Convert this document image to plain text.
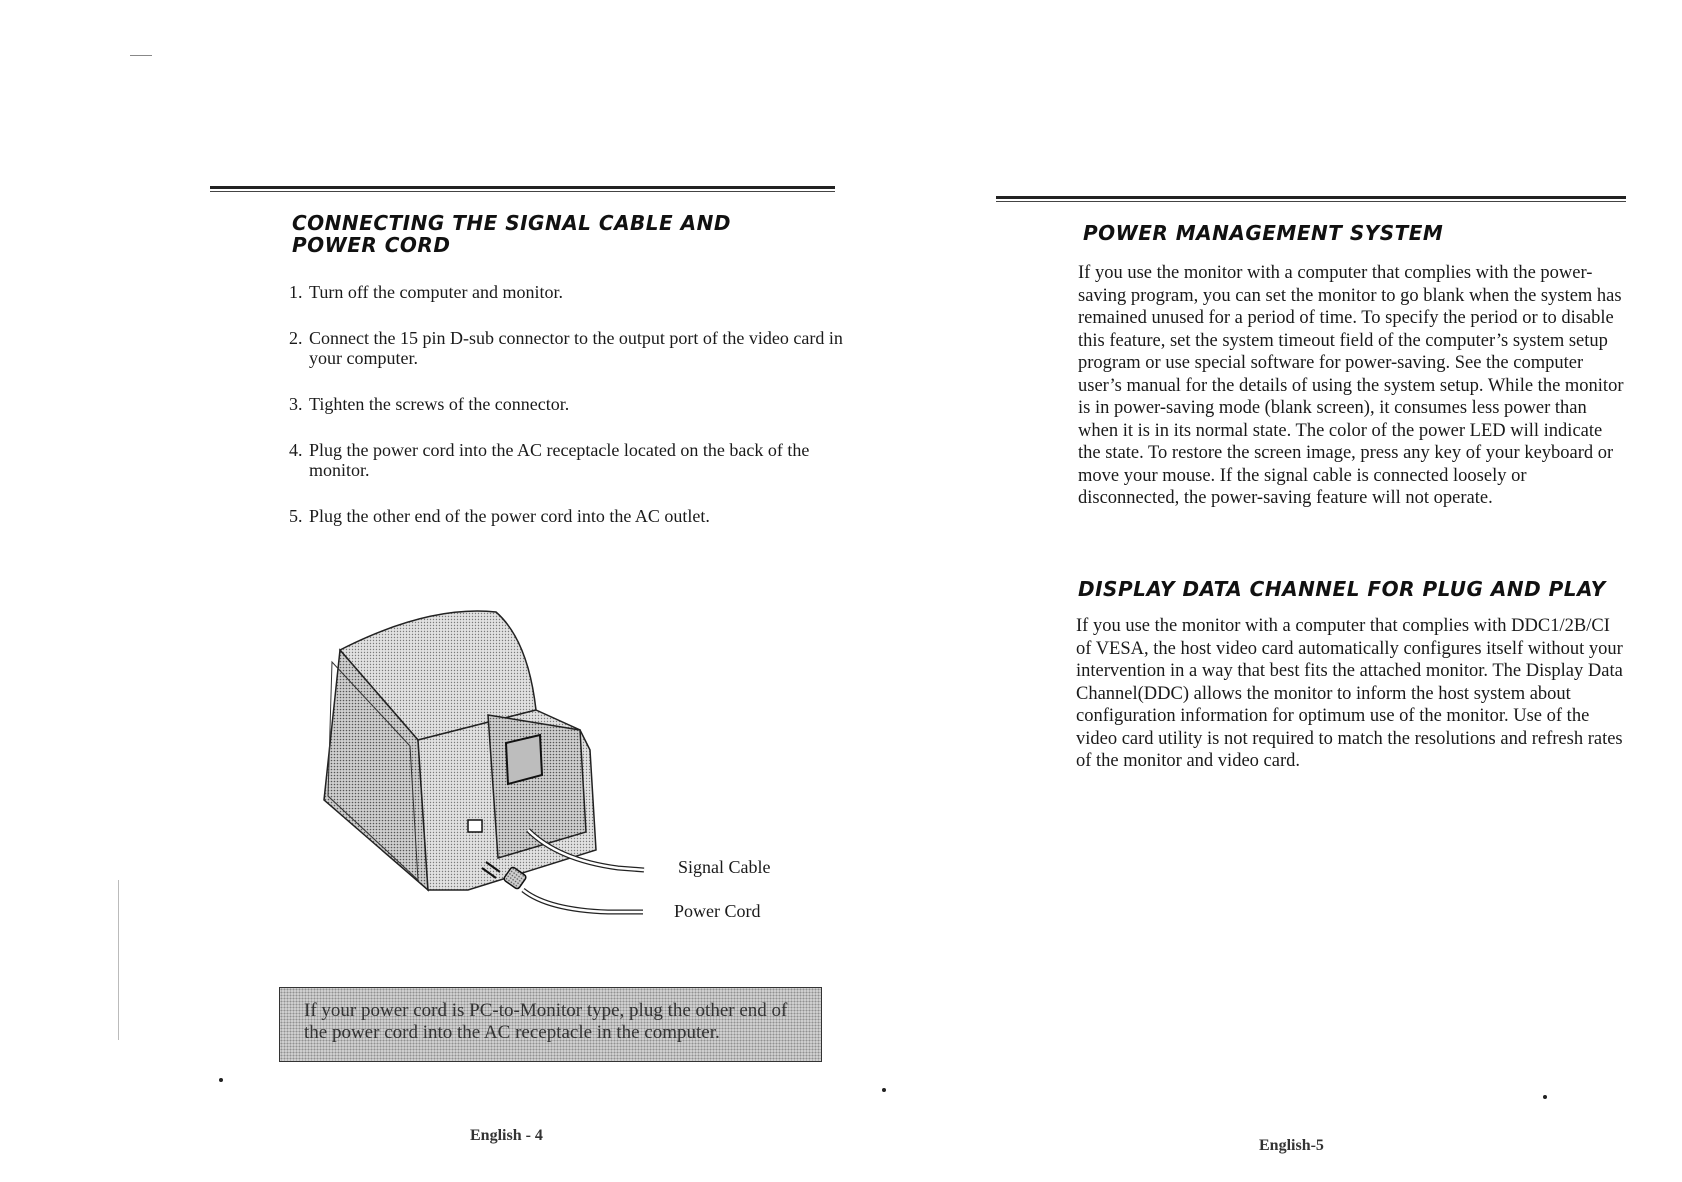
CONNECTING THE SIGNAL CABLE AND POWER CORD
1. Turn off the computer and monitor.
2. Connect the 15 pin D-sub connector to the output port of the video card in your computer.
3. Tighten the screws of the connector.
4. Plug the power cord into the AC receptacle located on the back of the monitor.
5. Plug the other end of the power cord into the AC outlet.
Signal Cable
Power Cord
If your power cord is PC-to-Monitor type, plug the other end of the power cord into the AC receptacle in the computer.
English - 4
POWER MANAGEMENT SYSTEM

If you use the monitor with a computer that complies with the power-saving program, you can set the monitor to go blank when the system has remained unused for a period of time. To specify the period or to disable this feature, set the system timeout field of the computer’s system setup program or use special software for power-saving. See the computer user’s manual for the details of using the system setup. While the monitor is in power-saving mode (blank screen), it consumes less power than when it is in its normal state. The color of the power LED will indicate the state. To restore the screen image, press any key of your keyboard or move your mouse. If the signal cable is connected loosely or disconnected, the power-saving feature will not operate.

DISPLAY DATA CHANNEL FOR PLUG AND PLAY

If you use the monitor with a computer that complies with DDC1/2B/CI of VESA, the host video card automatically configures itself without your intervention in a way that best fits the attached monitor. The Display Data Channel(DDC) allows the monitor to inform the host system about configuration information for optimum use of the monitor. Use of the video card utility is not required to match the resolutions and refresh rates of the monitor and video card.

English-5
